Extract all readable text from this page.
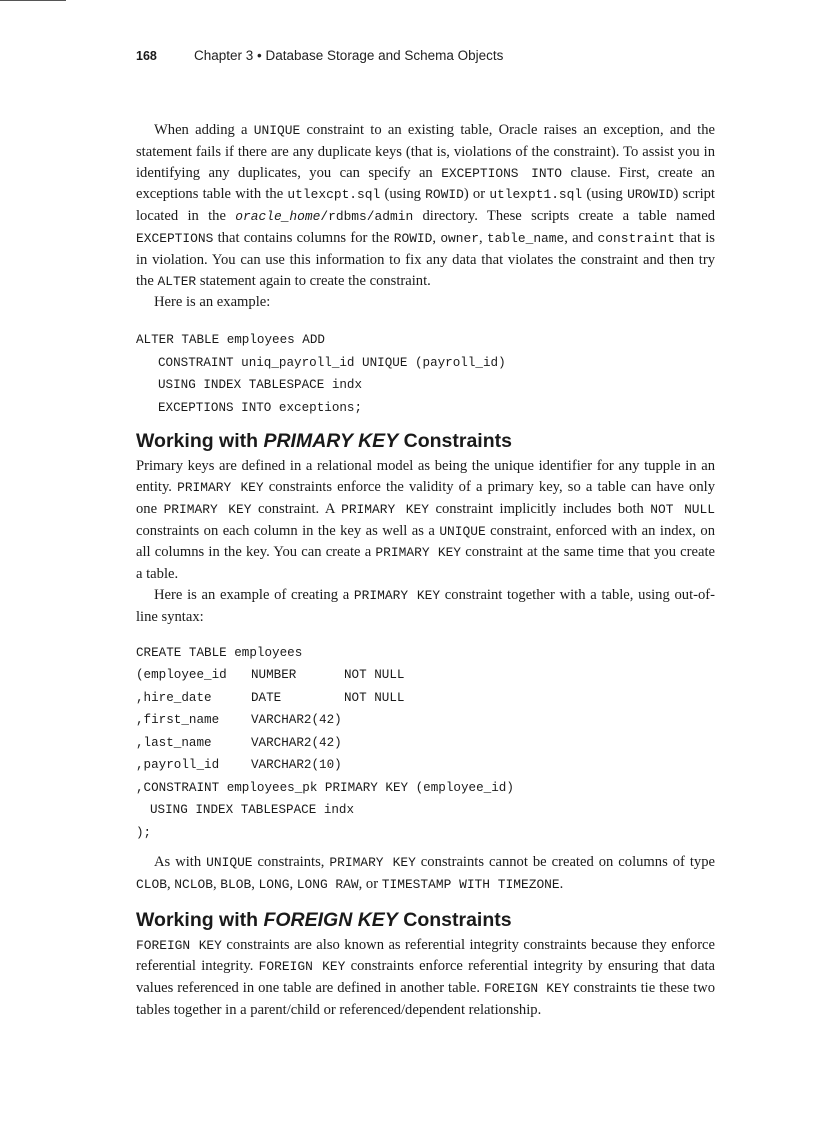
168	Chapter 3 • Database Storage and Schema Objects

When adding a UNIQUE constraint to an existing table, Oracle raises an exception, and the statement fails if there are any duplicate keys (that is, violations of the constraint). To assist you in identifying any duplicates, you can specify an EXCEPTIONS INTO clause. First, create an exceptions table with the utlexcpt.sql (using ROWID) or utlexpt1.sql (using UROWID) script located in the oracle_home/rdbms/admin directory. These scripts create a table named EXCEPTIONS that contains columns for the ROWID, owner, table_name, and constraint that is in violation. You can use this information to fix any data that violates the constraint and then try the ALTER statement again to create the constraint.

Here is an example:

ALTER TABLE employees ADD
CONSTRAINT uniq_payroll_id UNIQUE (payroll_id)
USING INDEX TABLESPACE indx
EXCEPTIONS INTO exceptions;
Working with PRIMARY KEY Constraints

Primary keys are defined in a relational model as being the unique identifier for any tupple in an entity. PRIMARY KEY constraints enforce the validity of a primary key, so a table can have only one PRIMARY KEY constraint. A PRIMARY KEY constraint implicitly includes both NOT NULL constraints on each column in the key as well as a UNIQUE constraint, enforced with an index, on all columns in the key. You can create a PRIMARY KEY constraint at the same time that you create a table.

Here is an example of creating a PRIMARY KEY constraint together with a table, using out-of-line syntax:

CREATE TABLE employees
(employee_id NUMBER	NOT NULL
,hire_date	DATE	NOT NULL
,first_name	VARCHAR2(42)
,last_name	VARCHAR2(42)
,payroll_id	VARCHAR2(10)
,CONSTRAINT employees_pk PRIMARY KEY (employee_id)
USING INDEX TABLESPACE indx
);

As with UNIQUE constraints, PRIMARY KEY constraints cannot be created on columns of type CLOB, NCLOB, BLOB, LONG, LONG RAW, or TIMESTAMP WITH TIMEZONE.

Working with FOREIGN KEY Constraints

FOREIGN KEY constraints are also known as referential integrity constraints because they enforce referential integrity. FOREIGN KEY constraints enforce referential integrity by ensuring that data values referenced in one table are defined in another table. FOREIGN KEY constraints tie these two tables together in a parent/child or referenced/dependent relationship.
